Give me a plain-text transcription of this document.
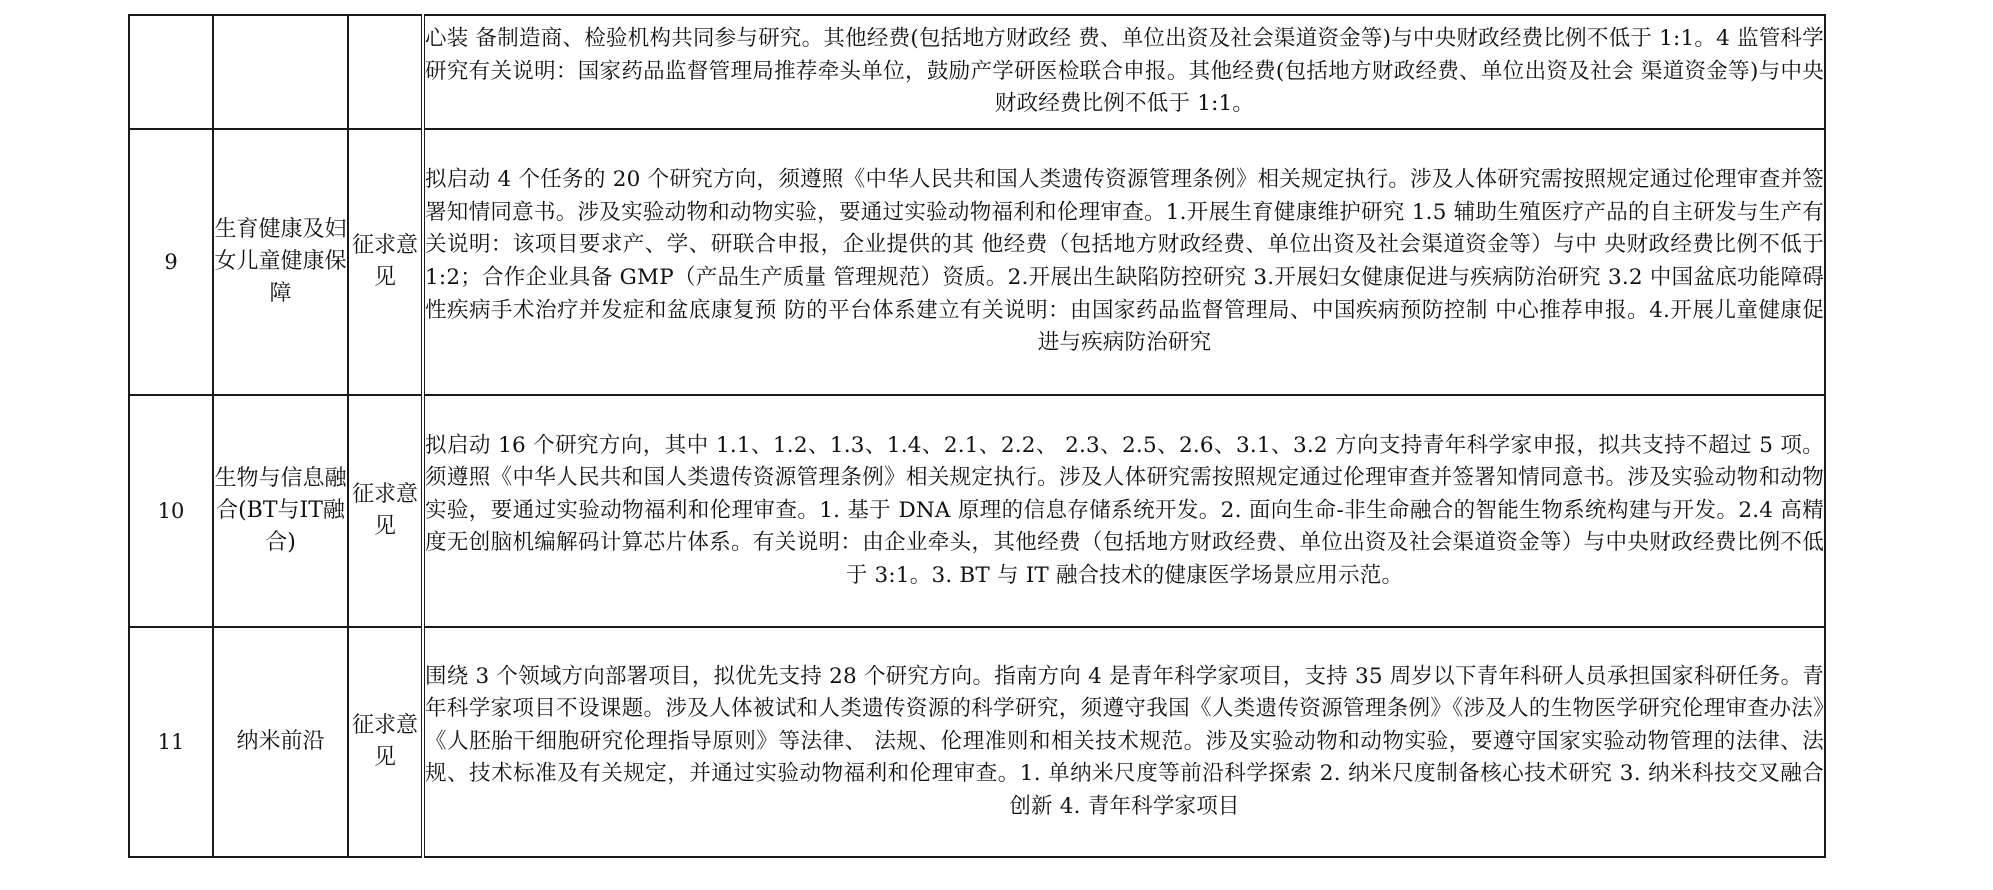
			心装 备制造商、检验机构共同参与研究。其他经费(包括地方财政经 费、单位出资及社会渠道资金等)与中央财政经费比例不低于 1:1。4 监管科学研究有关说明：国家药品监督管理局推荐牵头单位，鼓励产学研医检联合申报。其他经费(包括地方财政经费、单位出资及社会 渠道资金等)与中央财政经费比例不低于 1:1。
9	生育健康及妇女儿童健康保障	征求意见	拟启动 4 个任务的 20 个研究方向，须遵照《中华人民共和国人类遗传资源管理条例》相关规定执行。涉及人体研究需按照规定通过伦理审查并签署知情同意书。涉及实验动物和动物实验，要通过实验动物福利和伦理审查。1.开展生育健康维护研究 1.5 辅助生殖医疗产品的自主研发与生产有关说明：该项目要求产、学、研联合申报，企业提供的其 他经费（包括地方财政经费、单位出资及社会渠道资金等）与中 央财政经费比例不低于 1:2；合作企业具备 GMP（产品生产质量 管理规范）资质。2.开展出生缺陷防控研究 3.开展妇女健康促进与疾病防治研究 3.2 中国盆底功能障碍性疾病手术治疗并发症和盆底康复预 防的平台体系建立有关说明：由国家药品监督管理局、中国疾病预防控制 中心推荐申报。4.开展儿童健康促进与疾病防治研究
10	生物与信息融合(BT与IT融合)	征求意见	拟启动 16 个研究方向，其中 1.1、1.2、1.3、1.4、2.1、2.2、 2.3、2.5、2.6、3.1、3.2 方向支持青年科学家申报，拟共支持不超过 5 项。须遵照《中华人民共和国人类遗传资源管理条例》相关规定执行。涉及人体研究需按照规定通过伦理审查并签署知情同意书。涉及实验动物和动物实验，要通过实验动物福利和伦理审查。1. 基于 DNA 原理的信息存储系统开发。2. 面向生命-非生命融合的智能生物系统构建与开发。2.4 高精度无创脑机编解码计算芯片体系。有关说明：由企业牵头，其他经费（包括地方财政经费、单位出资及社会渠道资金等）与中央财政经费比例不低于 3:1。3. BT 与 IT 融合技术的健康医学场景应用示范。
11	纳米前沿	征求意见	围绕 3 个领域方向部署项目，拟优先支持 28 个研究方向。指南方向 4 是青年科学家项目，支持 35 周岁以下青年科研人员承担国家科研任务。青年科学家项目不设课题。涉及人体被试和人类遗传资源的科学研究，须遵守我国《人类遗传资源管理条例》《涉及人的生物医学研究伦理审查办法》《人胚胎干细胞研究伦理指导原则》等法律、 法规、伦理准则和相关技术规范。涉及实验动物和动物实验，要遵守国家实验动物管理的法律、法规、技术标准及有关规定，并通过实验动物福利和伦理审查。1. 单纳米尺度等前沿科学探索 2. 纳米尺度制备核心技术研究 3. 纳米科技交叉融合创新 4. 青年科学家项目
